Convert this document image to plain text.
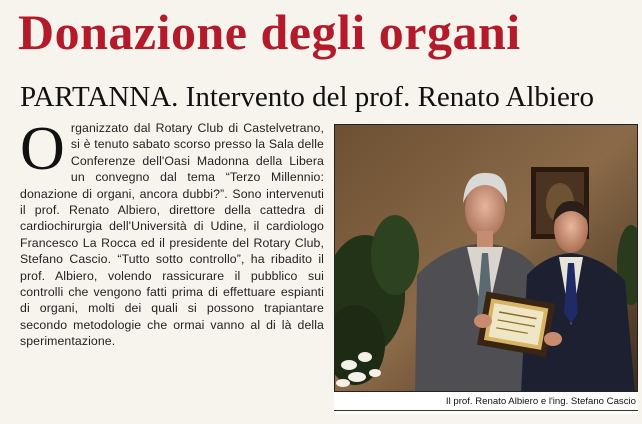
Donazione degli organi
PARTANNA. Intervento del prof. Renato Albiero
O rganizzato dal Rotary Club di Castelvetrano, si è tenuto sabato scorso presso la Sala delle Conferenze dell'Oasi Madonna della Libera un convegno dal tema “Terzo Millennio: donazione di organi, ancora dubbi?”. Sono intervenuti il prof. Renato Albiero, direttore della cattedra di cardiochirurgia dell'Università di Udine, il cardiologo Francesco La Rocca ed il presidente del Rotary Club, Stefano Cascio. “Tutto sotto controllo”, ha ribadito il prof. Albiero, volendo rassicurare il pubblico sui controlli che vengono fatti prima di effettuare espianti di organi, molti dei quali si possono trapiantare secondo metodologie che ormai vanno al di là della sperimentazione.
Il prof. Renato Albiero e l'ing. Stefano Cascio
